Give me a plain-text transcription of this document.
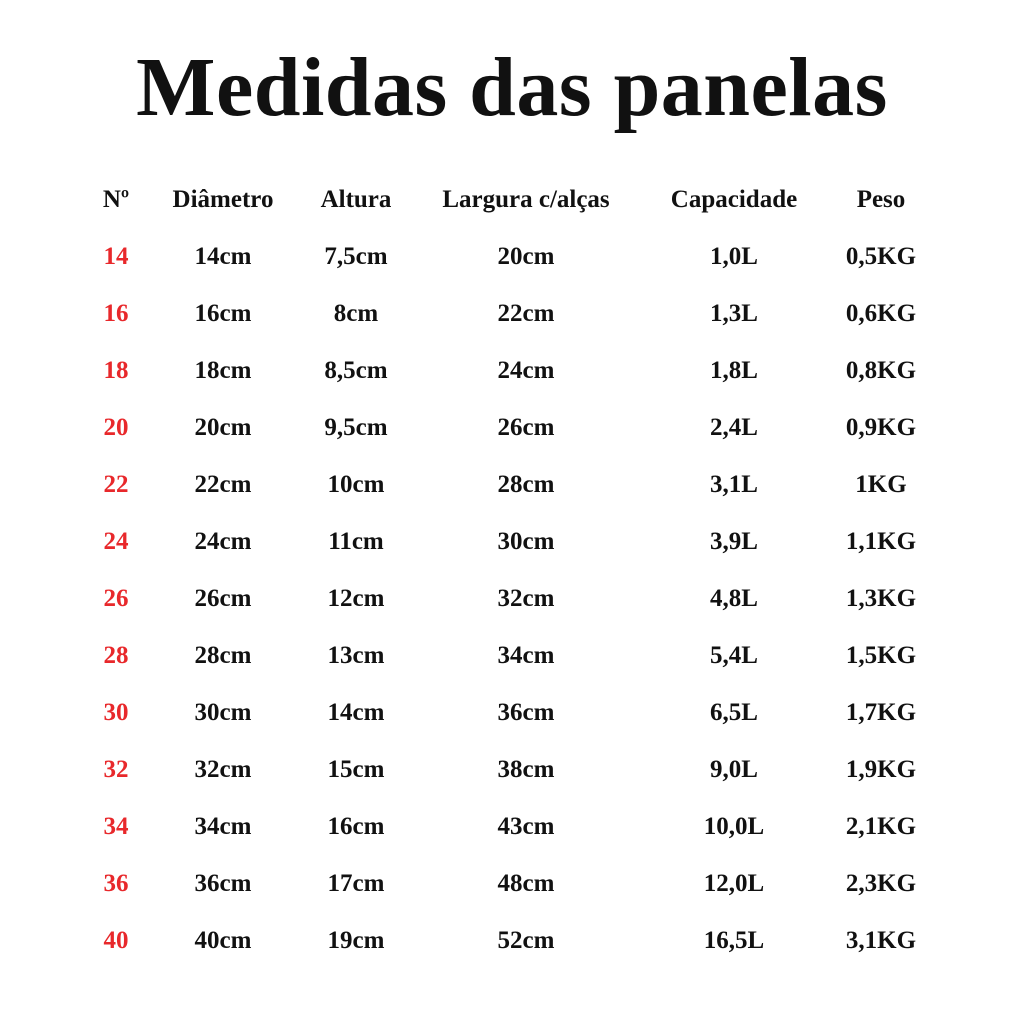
Medidas das panelas
Nº	Diâmetro	Altura	Largura c/alças	Capacidade	Peso
14	14cm	7,5cm	20cm	1,0L	0,5KG
16	16cm	8cm	22cm	1,3L	0,6KG
18	18cm	8,5cm	24cm	1,8L	0,8KG
20	20cm	9,5cm	26cm	2,4L	0,9KG
22	22cm	10cm	28cm	3,1L	1KG
24	24cm	11cm	30cm	3,9L	1,1KG
26	26cm	12cm	32cm	4,8L	1,3KG
28	28cm	13cm	34cm	5,4L	1,5KG
30	30cm	14cm	36cm	6,5L	1,7KG
32	32cm	15cm	38cm	9,0L	1,9KG
34	34cm	16cm	43cm	10,0L	2,1KG
36	36cm	17cm	48cm	12,0L	2,3KG
40	40cm	19cm	52cm	16,5L	3,1KG
